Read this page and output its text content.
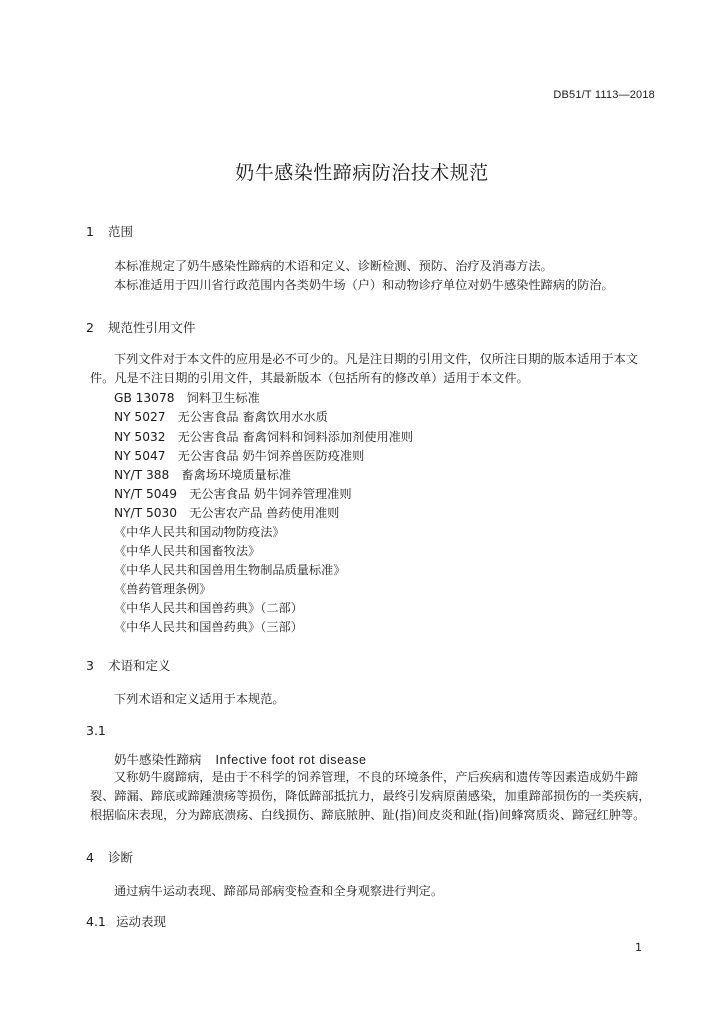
DB51/T 1113—2018
奶牛感染性蹄病防治技术规范
1 范围
本标准规定了奶牛感染性蹄病的术语和定义、诊断检测、预防、治疗及消毒方法。
本标准适用于四川省行政范围内各类奶牛场（户）和动物诊疗单位对奶牛感染性蹄病的防治。
2 规范性引用文件
下列文件对于本文件的应用是必不可少的。凡是注日期的引用文件，仅所注日期的版本适用于本文件。凡是不注日期的引用文件，其最新版本（包括所有的修改单）适用于本文件。
GB 13078　饲料卫生标准
NY 5027　无公害食品 畜禽饮用水水质
NY 5032　无公害食品 畜禽饲料和饲料添加剂使用准则
NY 5047　无公害食品 奶牛饲养兽医防疫准则
NY/T 388　畜禽场环境质量标准
NY/T 5049　无公害食品 奶牛饲养管理准则
NY/T 5030　无公害农产品 兽药使用准则
《中华人民共和国动物防疫法》
《中华人民共和国畜牧法》
《中华人民共和国兽用生物制品质量标准》
《兽药管理条例》
《中华人民共和国兽药典》（二部）
《中华人民共和国兽药典》（三部）
3 术语和定义
下列术语和定义适用于本规范。
3.1
奶牛感染性蹄病 Infective foot rot disease
又称奶牛腐蹄病，是由于不科学的饲养管理，不良的环境条件，产后疾病和遗传等因素造成奶牛蹄裂、蹄漏、蹄底或蹄踵溃疡等损伤，降低蹄部抵抗力，最终引发病原菌感染，加重蹄部损伤的一类疾病，根据临床表现，分为蹄底溃疡、白线损伤、蹄底脓肿、趾(指)间皮炎和趾(指)间蜂窝质炎、蹄冠红肿等。
4 诊断
通过病牛运动表现、蹄部局部病变检查和全身观察进行判定。
4.1 运动表现
1
